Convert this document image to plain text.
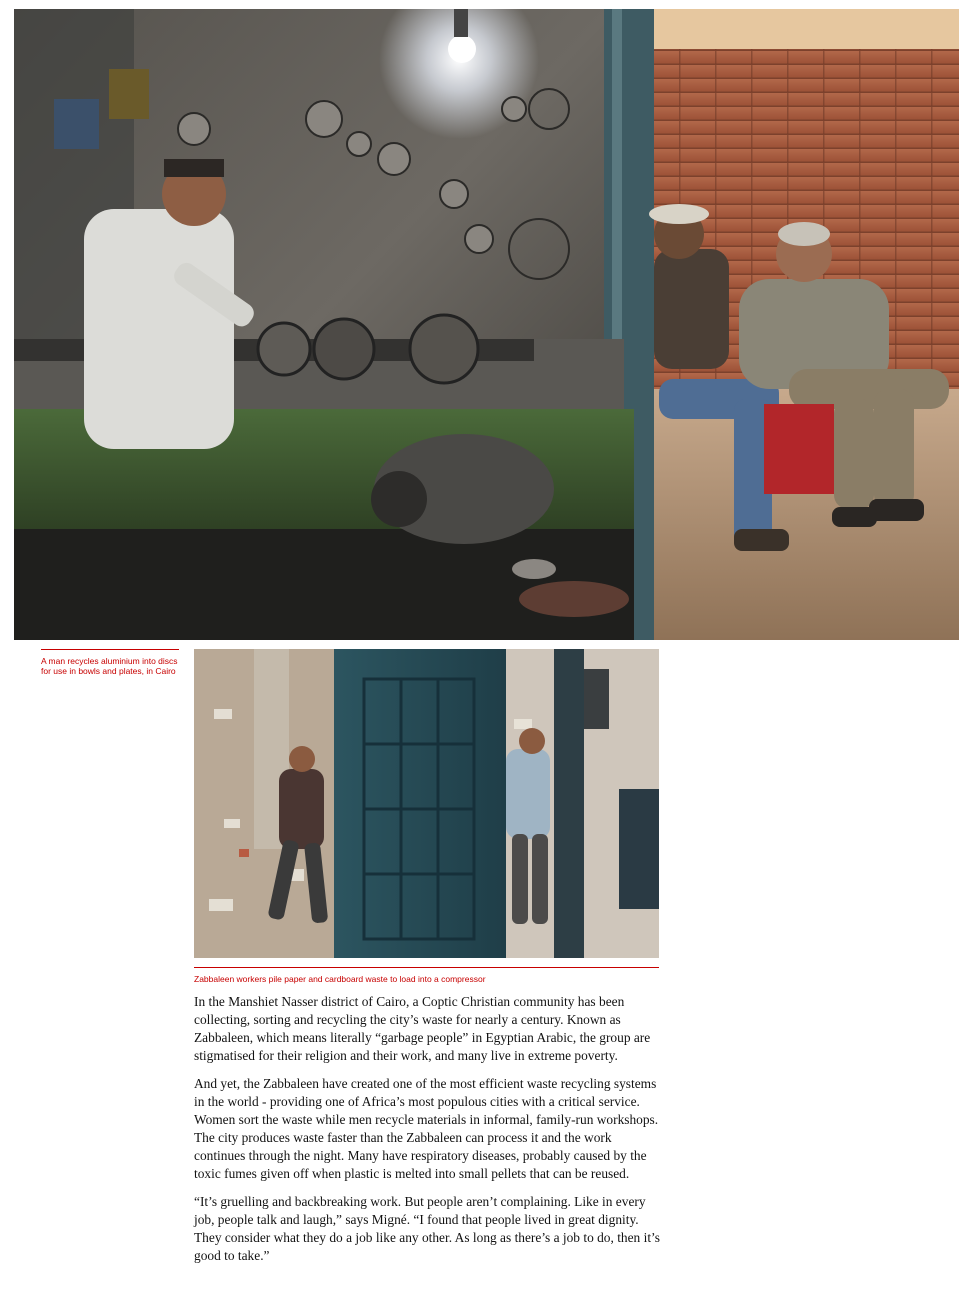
A man recycles aluminium into discs for use in bowls and plates, in Cairo
Zabbaleen workers pile paper and cardboard waste to load into a compressor

In the Manshiet Nasser district of Cairo, a Coptic Christian community has been collecting, sorting and recycling the city’s waste for nearly a century. Known as Zabbaleen, which means literally “garbage people” in Egyptian Arabic, the group are stigmatised for their religion and their work, and many live in extreme poverty.

And yet, the Zabbaleen have created one of the most efficient waste recycling systems in the world - providing one of Africa’s most populous cities with a critical service. Women sort the waste while men recycle materials in informal, family-run workshops. The city produces waste faster than the Zabbaleen can process it and the work continues through the night. Many have respiratory diseases, probably caused by the toxic fumes given off when plastic is melted into small pellets that can be reused.

“It’s gruelling and backbreaking work. But people aren’t complaining. Like in every job, people talk and laugh,” says Migné. “I found that people lived in great dignity. They consider what they do a job like any other. As long as there’s a job to do, then it’s good to take.”
